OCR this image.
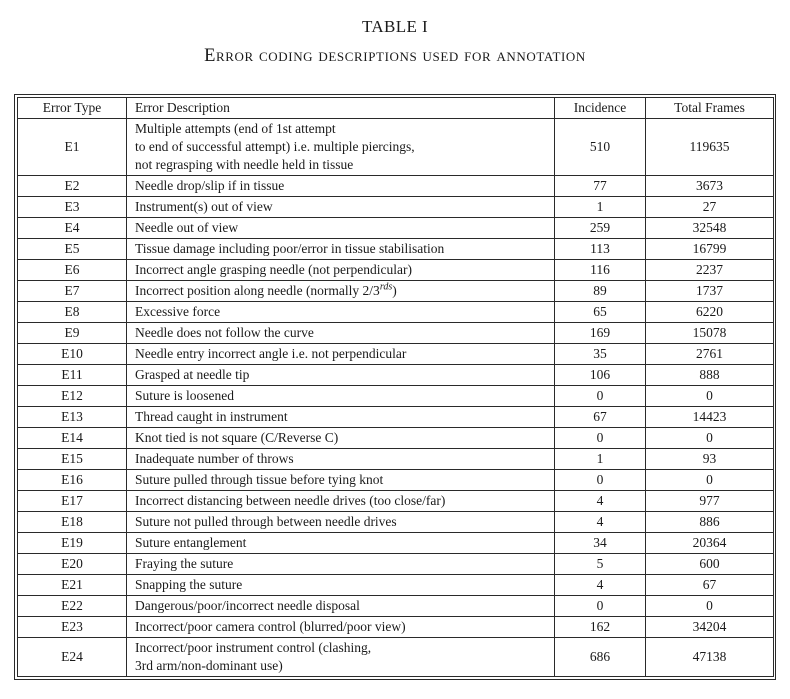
TABLE I
Error coding descriptions used for annotation
Error Type	Error Description	Incidence	Total Frames
E1	Multiple attempts (end of 1st attempt
to end of successful attempt) i.e. multiple piercings,
not regrasping with needle held in tissue	510	119635
E2	Needle drop/slip if in tissue	77	3673
E3	Instrument(s) out of view	1	27
E4	Needle out of view	259	32548
E5	Tissue damage including poor/error in tissue stabilisation	113	16799
E6	Incorrect angle grasping needle (not perpendicular)	116	2237
E7	Incorrect position along needle (normally $2/3^{rds}$)	89	1737
E8	Excessive force	65	6220
E9	Needle does not follow the curve	169	15078
E10	Needle entry incorrect angle i.e. not perpendicular	35	2761
E11	Grasped at needle tip	106	888
E12	Suture is loosened	0	0
E13	Thread caught in instrument	67	14423
E14	Knot tied is not square (C/Reverse C)	0	0
E15	Inadequate number of throws	1	93
E16	Suture pulled through tissue before tying knot	0	0
E17	Incorrect distancing between needle drives (too close/far)	4	977
E18	Suture not pulled through between needle drives	4	886
E19	Suture entanglement	34	20364
E20	Fraying the suture	5	600
E21	Snapping the suture	4	67
E22	Dangerous/poor/incorrect needle disposal	0	0
E23	Incorrect/poor camera control (blurred/poor view)	162	34204
E24	Incorrect/poor instrument control (clashing,
3rd arm/non-dominant use)	686	47138
